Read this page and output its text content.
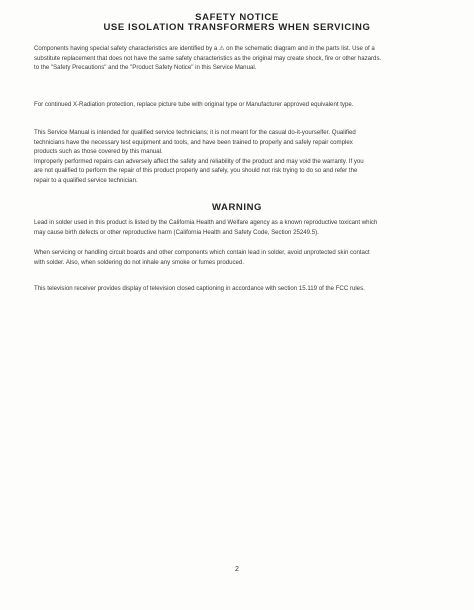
SAFETY NOTICE
USE ISOLATION TRANSFORMERS WHEN SERVICING
Components having special safety characteristics are identified by a ⚠ on the schematic diagram and in the parts list. Use of a
substitute replacement that does not have the same safety characteristics as the original may create shock, fire or other hazards.
to the "Safety Precautions" and the "Product Safety Notice" in this Service Manual.
For continued X-Radiation protection, replace picture tube with original type or Manufacturer approved equivalent type.
This Service Manual is intended for qualified service technicians; it is not meant for the casual do-it-yourselfer. Qualified
technicians have the necessary test equipment and tools, and have been trained to properly and safely repair complex
products such as those covered by this manual.
Improperly performed repairs can adversely affect the safety and reliability of the product and may void the warranty. If you
are not qualified to perform the repair of this product properly and safely, you should not risk trying to do so and refer the
repair to a qualified service technician.
WARNING
Lead in solder used in this product is listed by the California Health and Welfare agency as a known reproductive toxicant which
may cause birth defects or other reproductive harm (California Health and Safety Code, Section 25249.5).
When servicing or handling circuit boards and other components which contain lead in solder, avoid unprotected skin contact
with solder. Also, when soldering do not inhale any smoke or fumes produced.
This television receiver provides display of television closed captioning in accordance with section 15.119 of the FCC rules.
2
